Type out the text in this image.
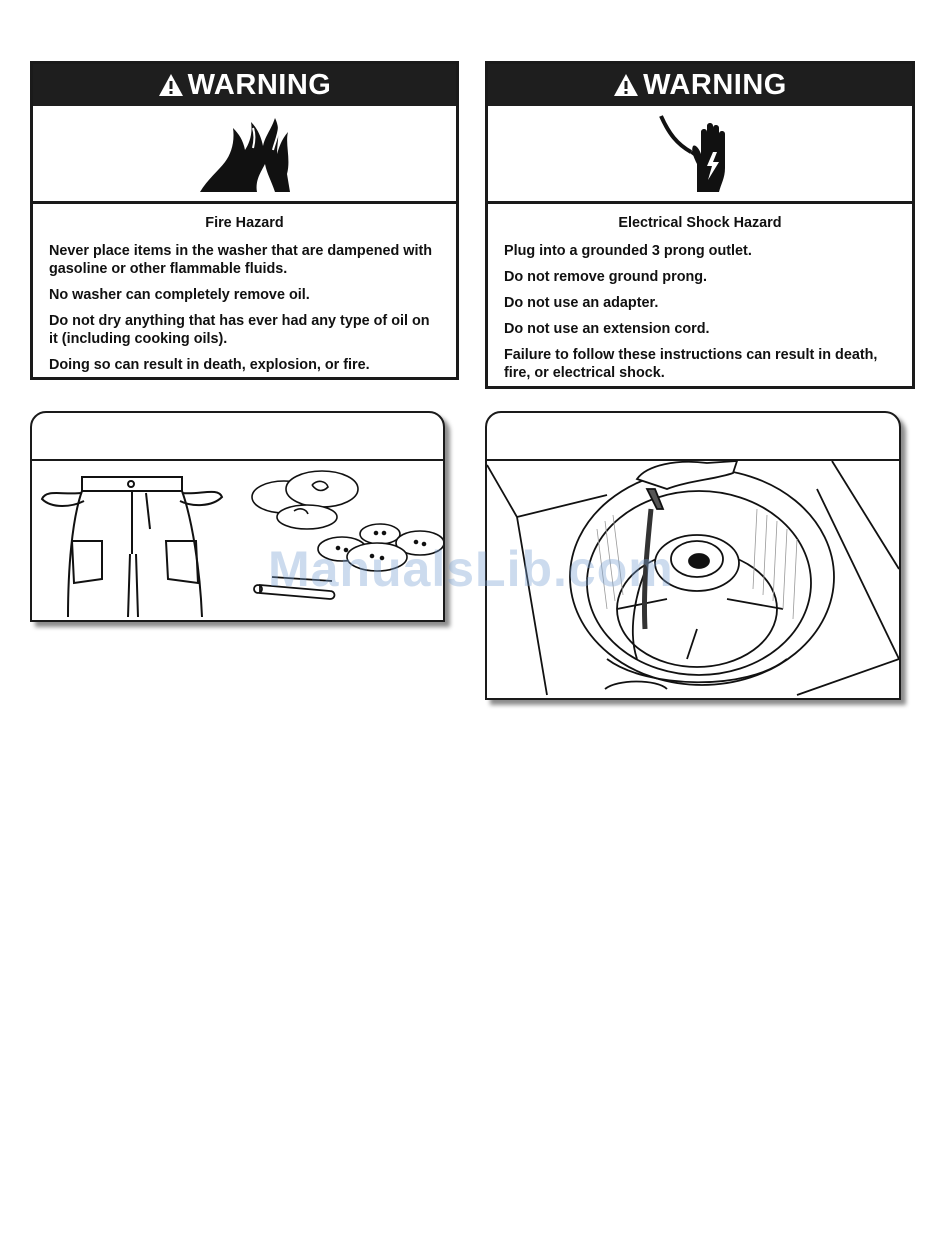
WARNING
Fire Hazard

Never place items in the washer that are dampened with gasoline or other flammable fluids.

No washer can completely remove oil.

Do not dry anything that has ever had any type of oil on it (including cooking oils).

Doing so can result in death, explosion, or fire.

WARNING
Electrical Shock Hazard

Plug into a grounded 3 prong outlet.

Do not remove ground prong.

Do not use an adapter.

Do not use an extension cord.

Failure to follow these instructions can result in death, fire, or electrical shock.

ManualsLib.com
